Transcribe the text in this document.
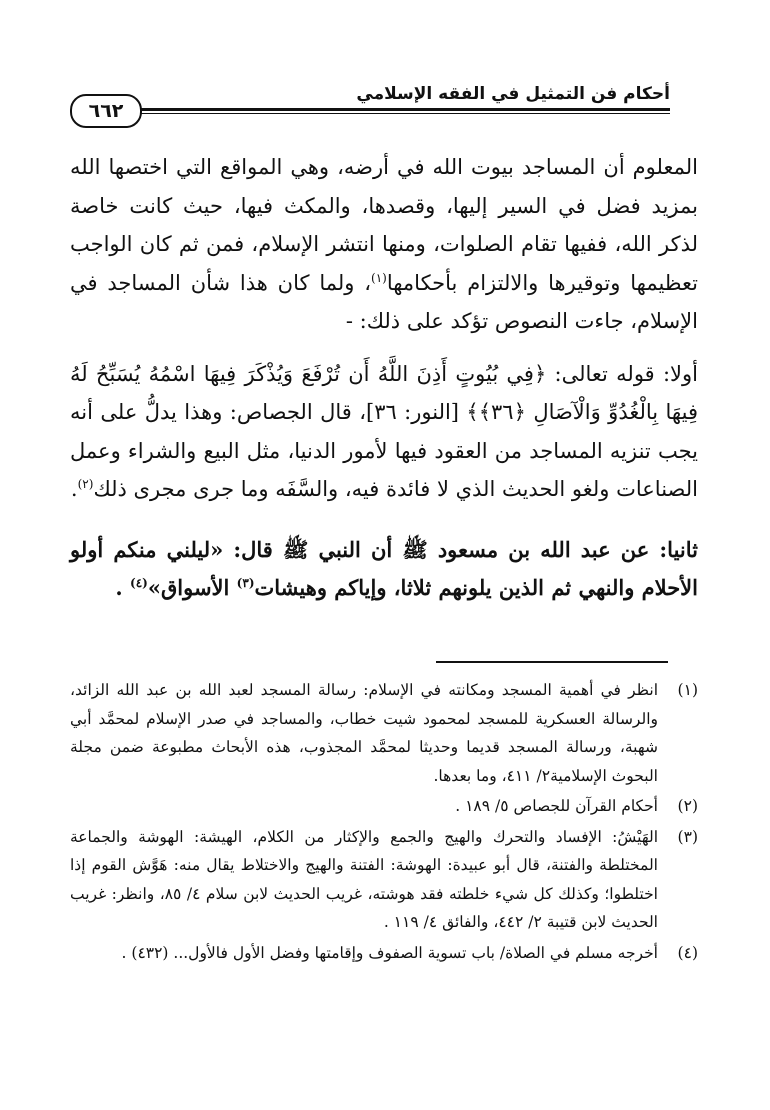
أحكام فن التمثيل في الفقه الإسلامي
٦٦٢

المعلوم أن المساجد بيوت الله في أرضه، وهي المواقع التي اختصها الله بمزيد فضل في السير إليها، وقصدها، والمكث فيها، حيث كانت خاصة لذكر الله، ففيها تقام الصلوات، ومنها انتشر الإسلام، فمن ثم كان الواجب تعظيمها وتوقيرها والالتزام بأحكامها$^{(١)}$، ولما كان هذا شأن المساجد في الإسلام، جاءت النصوص تؤكد على ذلك: -

أولا: قوله تعالى: ﴿فِي بُيُوتٍ أَذِنَ اللَّهُ أَن تُرْفَعَ وَيُذْكَرَ فِيهَا اسْمُهُ يُسَبِّحُ لَهُ فِيهَا بِالْغُدُوِّ وَالْآصَالِ ﴿٣٦﴾﴾ [النور: ٣٦]، قال الجصاص: وهذا يدلُّ على أنه يجب تنزيه المساجد من العقود فيها لأمور الدنيا، مثل البيع والشراء وعمل الصناعات ولغو الحديث الذي لا فائدة فيه، والسَّفَه وما جرى مجرى ذلك$^{(٢)}$.

ثانيا: عن عبد الله بن مسعود ﷺ أن النبي ﷺ قال: «ليلني منكم أولو الأحلام والنهي ثم الذين يلونهم ثلاثا، وإياكم وهيشات$^{(٣)}$ الأسواق»$^{(٤)}$ .

(١)
انظر في أهمية المسجد ومكانته في الإسلام: رسالة المسجد لعبد الله بن عبد الله الزائد، والرسالة العسكرية للمسجد لمحمود شيت خطاب، والمساجد في صدر الإسلام لمحمَّد أبي شهبة، ورسالة المسجد قديما وحديثا لمحمَّد المجذوب، هذه الأبحاث مطبوعة ضمن مجلة البحوث الإسلامية٢/ ٤١١، وما بعدها.
(٢)
أحكام القرآن للجصاص ٥/ ١٨٩ .
(٣)
الهَيْشُ: الإفساد والتحرك والهيج والجمع والإكثار من الكلام، الهيشة: الهوشة والجماعة المختلطة والفتنة، قال أبو عبيدة: الهوشة: الفتنة والهيج والاختلاط يقال منه: هَوَّش القوم إذا اختلطوا؛ وكذلك كل شيء خلطته فقد هوشته، غريب الحديث لابن سلام ٤/ ٨٥، وانظر: غريب الحديث لابن قتيبة ٢/ ٤٤٢، والفائق ٤/ ١١٩ .
(٤)
أخرجه مسلم في الصلاة/ باب تسوية الصفوف وإقامتها وفضل الأول فالأول... (٤٣٢) .
